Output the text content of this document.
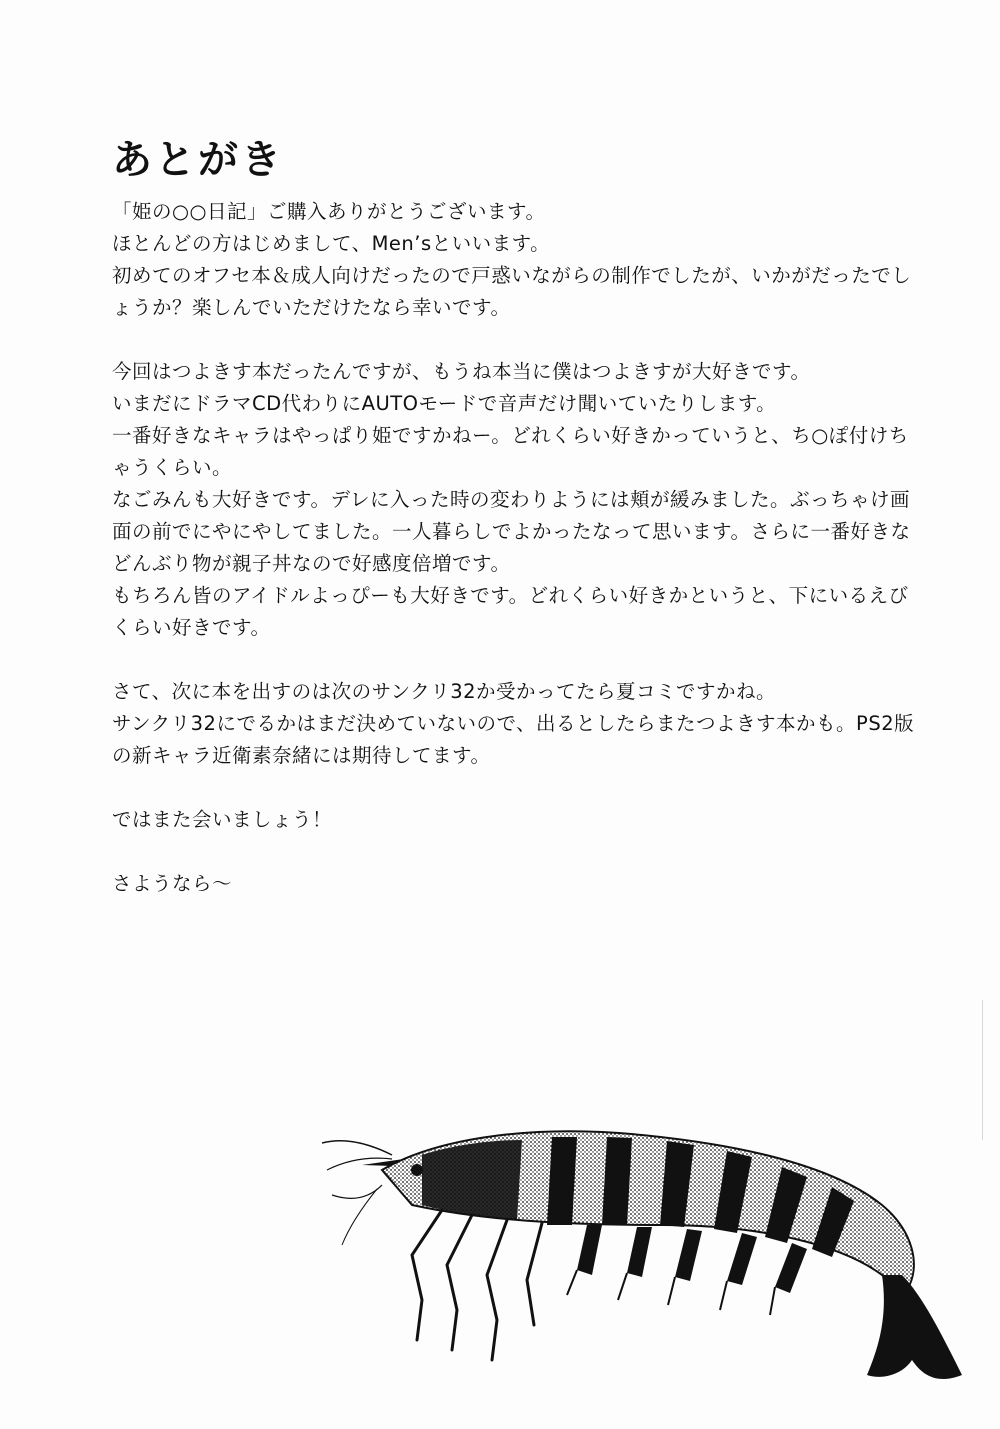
あとがき
「姫の○○日記」ご購入ありがとうございます。
ほとんどの方はじめまして、Men’sといいます。
初めてのオフセ本＆成人向けだったので戸惑いながらの制作でしたが、いかがだったでし
ょうか？楽しんでいただけたなら幸いです。
今回はつよきす本だったんですが、もうね本当に僕はつよきすが大好きです。
いまだにドラマCD代わりにAUTOモードで音声だけ聞いていたりします。
一番好きなキャラはやっぱり姫ですかねー。どれくらい好きかっていうと、ち○ぽ付けち
ゃうくらい。
なごみんも大好きです。デレに入った時の変わりようには頬が緩みました。ぶっちゃけ画
面の前でにやにやしてました。一人暮らしでよかったなって思います。さらに一番好きな
どんぶり物が親子丼なので好感度倍増です。
もちろん皆のアイドルよっぴーも大好きです。どれくらい好きかというと、下にいるえび
くらい好きです。
さて、次に本を出すのは次のサンクリ32か受かってたら夏コミですかね。
サンクリ32にでるかはまだ決めていないので、出るとしたらまたつよきす本かも。PS2版
の新キャラ近衛素奈緒には期待してます。
ではまた会いましょう！
さようなら～
